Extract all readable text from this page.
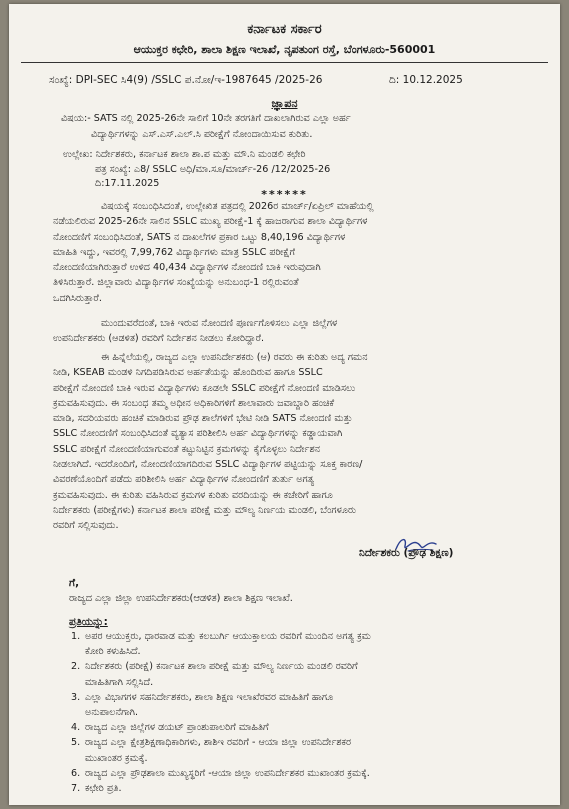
ಕರ್ನಾಟಕ ಸರ್ಕಾರ
ಆಯುಕ್ತರ ಕಛೇರಿ, ಶಾಲಾ ಶಿಕ್ಷಣ ಇಲಾಖೆ, ನೃಪತುಂಗ ರಸ್ತೆ, ಬೆಂಗಳೂರು-560001
ಸಂಖ್ಯೆ: DPI-SEC ಸಿ4(9) /SSLC ಪ.ನೋ/ಇ-1987645 /2025-26	ದಿ: 10.12.2025
ಜ್ಞಾಪನ
ವಿಷಯ:- SATS ನಲ್ಲಿ 2025-26ನೇ ಸಾಲಿಗೆ 10ನೇ ತರಗತಿಗೆ ದಾಖಲಾಗಿರುವ ಎಲ್ಲಾ ಅರ್ಹ
ವಿದ್ಯಾರ್ಥಿಗಳನ್ನು ಎಸ್.ಎಸ್.ಎಲ್.ಸಿ ಪರೀಕ್ಷೆಗೆ ನೋಂದಾಯಿಸುವ ಕುರಿತು.
ಉಲ್ಲೇಖ: ನಿರ್ದೇಶಕರು, ಕರ್ನಾಟಕ ಶಾಲಾ ಶಾ.ಪ ಮತ್ತು ಮೌ.ನಿ ಮಂಡಲಿ ಕಛೇರಿ
ಪತ್ರ ಸಂಖ್ಯೆ: ಎ8/ SSLC ಅಧಿ/ಮಾ.ಸೂ/ಮಾರ್ಚ್-26 /12/2025-26
ದಿ:17.11.2025
******
ವಿಷಯಕ್ಕೆ ಸಂಬಂಧಿಸಿದಂತೆ, ಉಲ್ಲೇಖಿತ ಪತ್ರದಲ್ಲಿ 2026ರ ಮಾರ್ಚ್/ಏಪ್ರಿಲ್ ಮಾಹೆಯಲ್ಲಿ
ನಡೆಯಲಿರುವ 2025-26ನೇ ಸಾಲಿನ SSLC ಮುಖ್ಯ ಪರೀಕ್ಷೆ-1 ಕ್ಕೆ ಹಾಜರಾಗುವ ಶಾಲಾ ವಿದ್ಯಾರ್ಥಿಗಳ
ನೋಂದಣಿಗೆ ಸಂಬಂಧಿಸಿದಂತೆ, SATS ನ ದಾಖಲೆಗಳ ಪ್ರಕಾರ ಒಟ್ಟು 8,40,196 ವಿದ್ಯಾರ್ಥಿಗಳ
ಮಾಹಿತಿ ಇದ್ದು, ಇವರಲ್ಲಿ 7,99,762 ವಿದ್ಯಾರ್ಥಿಗಳು ಮಾತ್ರ SSLC ಪರೀಕ್ಷೆಗೆ
ನೋಂದಣಿಯಾಗಿರುತ್ತಾರೆ ಉಳಿದ 40,434 ವಿದ್ಯಾರ್ಥಿಗಳ ನೋಂದಣಿ ಬಾಕಿ ಇರುವುದಾಗಿ
ತಿಳಿಸಿರುತ್ತಾರೆ. ಜಿಲ್ಲಾವಾರು ವಿದ್ಯಾರ್ಥಿಗಳ ಸಂಖ್ಯೆಯನ್ನು ಅನುಬಂಧ-1 ರಲ್ಲಿರುವಂತೆ
ಒದಗಿಸಿರುತ್ತಾರೆ.
ಮುಂದುವರೆದಂತೆ, ಬಾಕಿ ಇರುವ ನೋಂದಣಿ ಪೂರ್ಣಗೊಳಿಸಲು ಎಲ್ಲಾ ಜಿಲ್ಲೆಗಳ
ಉಪನಿರ್ದೇಶಕರು (ಆಡಳಿತ) ರವರಿಗೆ ನಿರ್ದೇಶನ ನೀಡಲು ಕೋರಿದ್ದಾರೆ.
ಈ ಹಿನ್ನೆಲೆಯಲ್ಲಿ, ರಾಜ್ಯದ ಎಲ್ಲಾ ಉಪನಿರ್ದೇಶಕರು (ಆ) ರವರು ಈ ಕುರಿತು ಅದ್ಯ ಗಮನ
ನೀಡಿ, KSEAB ಮಂಡಳಿ ನಿಗದಿಪಡಿಸಿರುವ ಅರ್ಹತೆಯನ್ನು ಹೊಂದಿರುವ ಹಾಗೂ SSLC
ಪರೀಕ್ಷೆಗೆ ನೋಂದಣಿ ಬಾಕಿ ಇರುವ ವಿದ್ಯಾರ್ಥಿಗಳು ಕೂಡಲೇ SSLC ಪರೀಕ್ಷೆಗೆ ನೋಂದಣಿ ಮಾಡಿಸಲು
ಕ್ರಮವಹಿಸುವುದು. ಈ ಸಂಬಂಧ ತಮ್ಮ ಅಧೀನ ಅಧಿಕಾರಿಗಳಿಗೆ ಶಾಲಾವಾರು ಜವಾಬ್ದಾರಿ ಹಂಚಿಕೆ
ಮಾಡಿ, ಸದರಿಯವರು ಹಂಚಿಕೆ ಮಾಡಿರುವ ಪ್ರೌಢ ಶಾಲೆಗಳಿಗೆ ಭೇಟಿ ನೀಡಿ SATS ನೋಂದಣಿ ಮತ್ತು
SSLC ನೋಂದಣಿಗೆ ಸಂಬಂಧಿಸಿದಂತೆ ವ್ಯತ್ಯಾಸ ಪರಿಶೀಲಿಸಿ ಅರ್ಹ ವಿದ್ಯಾರ್ಥಿಗಳನ್ನು ಕಡ್ಡಾಯವಾಗಿ
SSLC ಪರೀಕ್ಷೆಗೆ ನೋಂದಣಿಯಾಗುವಂತೆ ಕಟ್ಟುನಿಟ್ಟಿನ ಕ್ರಮಗಳನ್ನು ಕೈಗೊಳ್ಳಲು ನಿರ್ದೇಶನ
ನೀಡಲಾಗಿದೆ. ಇದರೊಂದಿಗೆ, ನೋಂದಣಿಯಾಗದಿರುವ SSLC ವಿದ್ಯಾರ್ಥಿಗಳ ಪಟ್ಟಿಯನ್ನು ಸೂಕ್ತ ಕಾರಣ/
ವಿವರಣೆಯೊಂದಿಗೆ ಪಡೆದು ಪರಿಶೀಲಿಸಿ ಅರ್ಹ ವಿದ್ಯಾರ್ಥಿಗಳ ನೋಂದಣಿಗೆ ತುರ್ತು ಅಗತ್ಯ
ಕ್ರಮವಹಿಸುವುದು. ಈ ಕುರಿತು ವಹಿಸಿರುವ ಕ್ರಮಗಳ ಕುರಿತು ವರದಿಯನ್ನು ಈ ಕಚೇರಿಗೆ ಹಾಗೂ
ನಿರ್ದೇಶಕರು (ಪರೀಕ್ಷೆಗಳು) ಕರ್ನಾಟಕ ಶಾಲಾ ಪರೀಕ್ಷೆ ಮತ್ತು ಮೌಲ್ಯ ನಿರ್ಣಯ ಮಂಡಲಿ, ಬೆಂಗಳೂರು
ರವರಿಗೆ ಸಲ್ಲಿಸುವುದು.
ನಿರ್ದೇಶಕರು (ಪ್ರೌಢ ಶಿಕ್ಷಣ)
ಗೆ,
ರಾಜ್ಯದ ಎಲ್ಲಾ ಜಿಲ್ಲಾ ಉಪನಿರ್ದೇಶಕರು(ಆಡಳಿತ) ಶಾಲಾ ಶಿಕ್ಷಣ ಇಲಾಖೆ.
ಪ್ರತಿಯನ್ನು:
1. ಅಪರ ಆಯುಕ್ತರು, ಧಾರವಾಡ ಮತ್ತು ಕಲಬುರ್ಗಿ ಆಯುಕ್ತಾಲಯ ರವರಿಗೆ ಮುಂದಿನ ಅಗತ್ಯ ಕ್ರಮ
ಕೋರಿ ಕಳುಹಿಸಿದೆ.
2. ನಿರ್ದೇಶಕರು (ಪರೀಕ್ಷೆ) ಕರ್ನಾಟಕ ಶಾಲಾ ಪರೀಕ್ಷೆ ಮತ್ತು ಮೌಲ್ಯ ನಿರ್ಣಯ ಮಂಡಲಿ ರವರಿಗೆ
ಮಾಹಿತಿಗಾಗಿ ಸಲ್ಲಿಸಿದೆ.
3. ಎಲ್ಲಾ ವಿಭಾಗಗಳ ಸಹನಿರ್ದೇಶಕರು, ಶಾಲಾ ಶಿಕ್ಷಣ ಇಲಾಖೆರವರ ಮಾಹಿತಿಗೆ ಹಾಗೂ
ಅನುಪಾಲನೆಗಾಗಿ.
4. ರಾಜ್ಯದ ಎಲ್ಲಾ ಜಿಲ್ಲೆಗಳ ಡಯಟ್ ಪ್ರಾಂಶುಪಾಲರಿಗೆ ಮಾಹಿತಿಗೆ
5. ರಾಜ್ಯದ ಎಲ್ಲಾ ಕ್ಷೇತ್ರಶಿಕ್ಷಣಾಧಿಕಾರಿಗಳು, ಶಾಶಿಇ ರವರಿಗೆ - ಆಯಾ ಜಿಲ್ಲಾ ಉಪನಿರ್ದೇಶಕರ
ಮುಖಾಂತರ ಕ್ರಮಕ್ಕೆ.
6. ರಾಜ್ಯದ ಎಲ್ಲಾ ಪ್ರೌಢಶಾಲಾ ಮುಖ್ಯಸ್ಥರಿಗೆ -ಆಯಾ ಜಿಲ್ಲಾ ಉಪನಿರ್ದೇಶಕರ ಮುಖಾಂತರ ಕ್ರಮಕ್ಕೆ.
7. ಕಛೇರಿ ಪ್ರತಿ.
